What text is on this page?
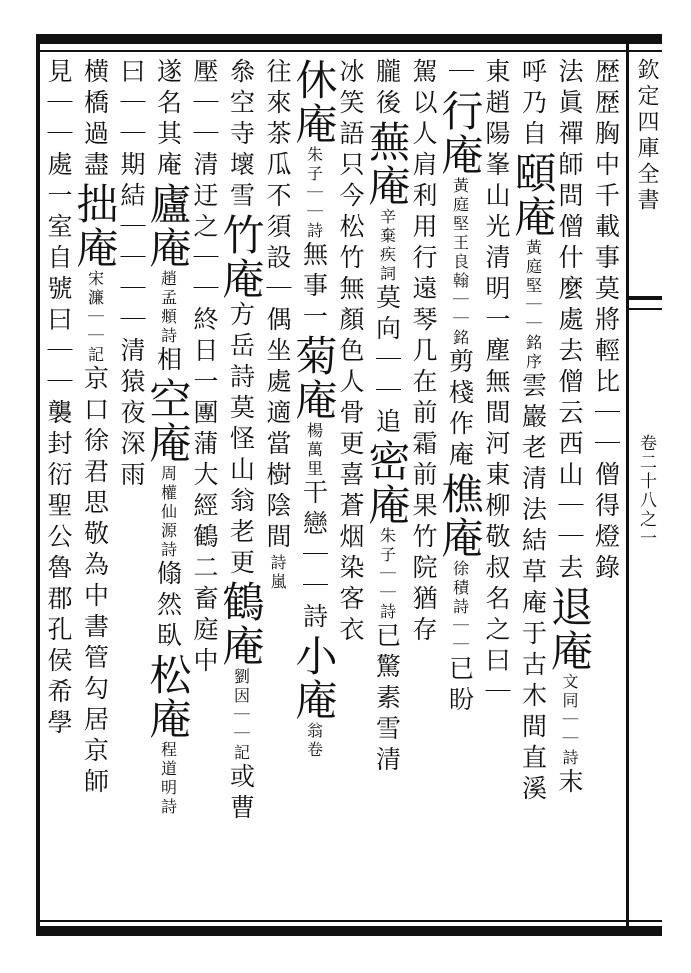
欽定四庫全書卷二十八之一
歴歴胸中千載事莫將輕比｜｜僧得燈錄
法眞禪師問僧什麼處去僧云西山｜｜去退庵文同｜｜詩末
呼乃自頤庵黃庭堅｜｜銘序雲巖老清法結草庵于古木間直溪
東趙陽峯山光清明一塵無間河東柳敬叔名之曰｜
｜行庵黃庭堅王良翰｜｜銘剪棧作庵樵庵徐積詩｜｜已盼
駕以人肩利用行遠琴几在前霜前果竹院猶存
朧後蕪庵辛棄疾詞莫向｜｜追密庵朱子｜｜詩已驚素雪清
冰笑語只今松竹無顏色人骨更喜蒼烟染客衣
休庵朱子｜｜詩無事一菊庵楊萬里干戀｜｜詩小庵翁卷
往來茶瓜不須設｜偶坐處適當樹陰間詩嵐
叅空寺壞雪竹庵方岳詩莫怪山翁老更鶴庵劉因｜｜記或曹
壓｜｜清迂之｜｜終日一團蒲大經鶴二畜庭中
遂名其庵廬庵趙孟頫詩相空庵周權仙源詩翛然臥松庵程道明詩
曰｜｜期結｜｜｜｜清猿夜深雨
横橋過盡拙庵宋濂｜｜記京口徐君思敬為中書管勾居京師
見｜｜處一室自號曰｜｜襲封衍聖公魯郡孔侯希學
